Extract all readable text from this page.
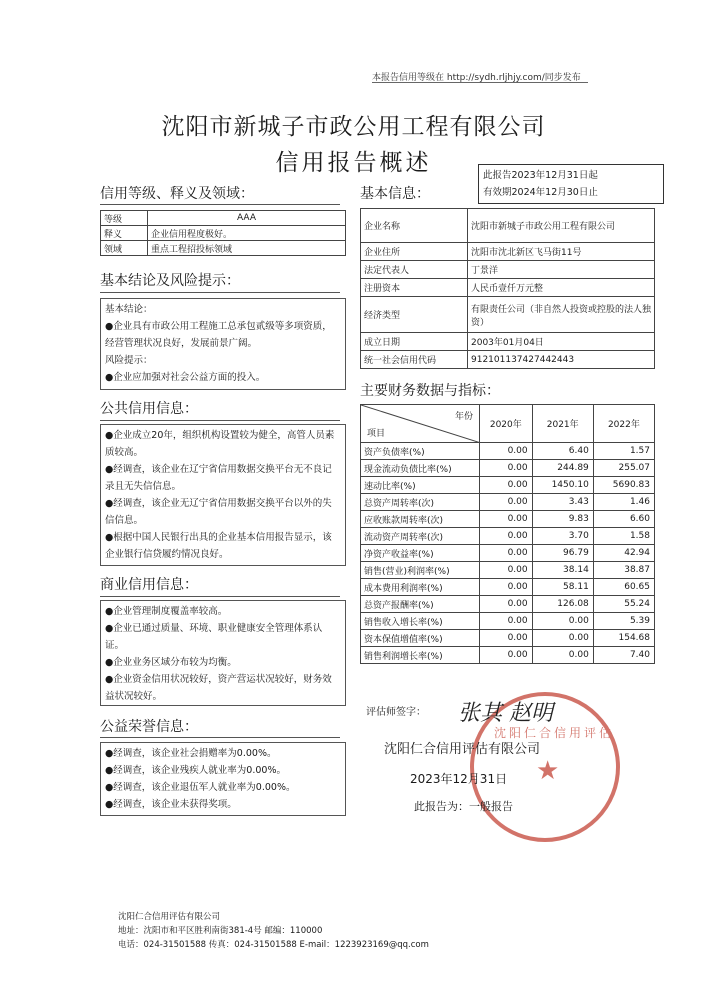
本报告信用等级在 http://sydh.rljhjy.com/同步发布
沈阳市新城子市政公用工程有限公司
信用报告概述	此报告2023年12月31日起
有效期2024年12月30日止
信用等级、释义及领域：
等级	AAA
释义	企业信用程度极好。
领域	重点工程招投标领域
基本结论及风险提示：

基本结论：

●企业具有市政公用工程施工总承包贰级等多项资质，经营管理状况良好，发展前景广阔。

风险提示：

●企业应加强对社会公益方面的投入。

公共信用信息：

●企业成立20年，组织机构设置较为健全，高管人员素质较高。

●经调查，该企业在辽宁省信用数据交换平台无不良记录且无失信信息。

●经调查，该企业无辽宁省信用数据交换平台以外的失信信息。

●根据中国人民银行出具的企业基本信用报告显示，该企业银行信贷履约情况良好。

商业信用信息：

●企业管理制度覆盖率较高。

●企业已通过质量、环境、职业健康安全管理体系认证。

●企业业务区域分布较为均衡。

●企业资金信用状况较好，资产营运状况较好，财务效益状况较好。

公益荣誉信息：

●经调查，该企业社会捐赠率为0.00%。

●经调查，该企业残疾人就业率为0.00%。

●经调查，该企业退伍军人就业率为0.00%。

●经调查，该企业未获得奖项。

基本信息：
企业名称	沈阳市新城子市政公用工程有限公司
企业住所	沈阳市沈北新区飞马街11号
法定代表人	丁景洋
注册资本	人民币壹仟万元整
经济类型	有限责任公司（非自然人投资或控股的法人独资）
成立日期	2003年01月04日
统一社会信用代码	912101137427442443
主要财务数据与指标：
年份
项目	2020年	2021年	2022年
资产负债率(%)	0.00	6.40	1.57
现金流动负债比率(%)	0.00	244.89	255.07
速动比率(%)	0.00	1450.10	5690.83
总资产周转率(次)	0.00	3.43	1.46
应收账款周转率(次)	0.00	9.83	6.60
流动资产周转率(次)	0.00	3.70	1.58
净资产收益率(%)	0.00	96.79	42.94
销售(营业)利润率(%)	0.00	38.14	38.87
成本费用利润率(%)	0.00	58.11	60.65
总资产报酬率(%)	0.00	126.08	55.24
销售收入增长率(%)	0.00	0.00	5.39
资本保值增值率(%)	0.00	0.00	154.68
销售利润增长率(%)	0.00	0.00	7.40
沈阳仁合信用评估
★
评估师签字： 张其 赵明
沈阳仁合信用评估有限公司
2023年12月31日
此报告为：一般报告
沈阳仁合信用评估有限公司
地址：沈阳市和平区胜利南街381-4号 邮编：110000
电话：024-31501588 传真：024-31501588 E-mail：1223923169@qq.com
